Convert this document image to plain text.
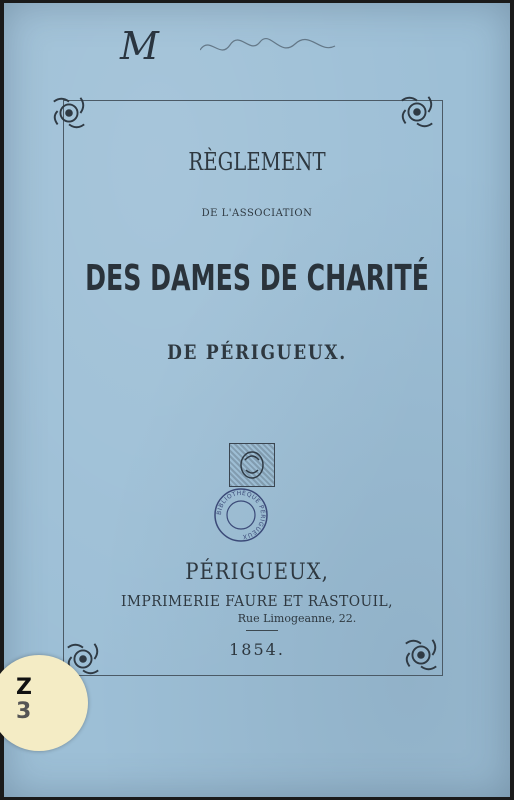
M
RÈGLEMENT
DE L'ASSOCIATION
DES DAMES DE CHARITÉ
DE PÉRIGUEUX.
BIBLIOTHÈQUE PÉRIGUEUX
PÉRIGUEUX,
IMPRIMERIE FAURE ET RASTOUIL,
Rue Limogeanne, 22.
1854.
Z
3
